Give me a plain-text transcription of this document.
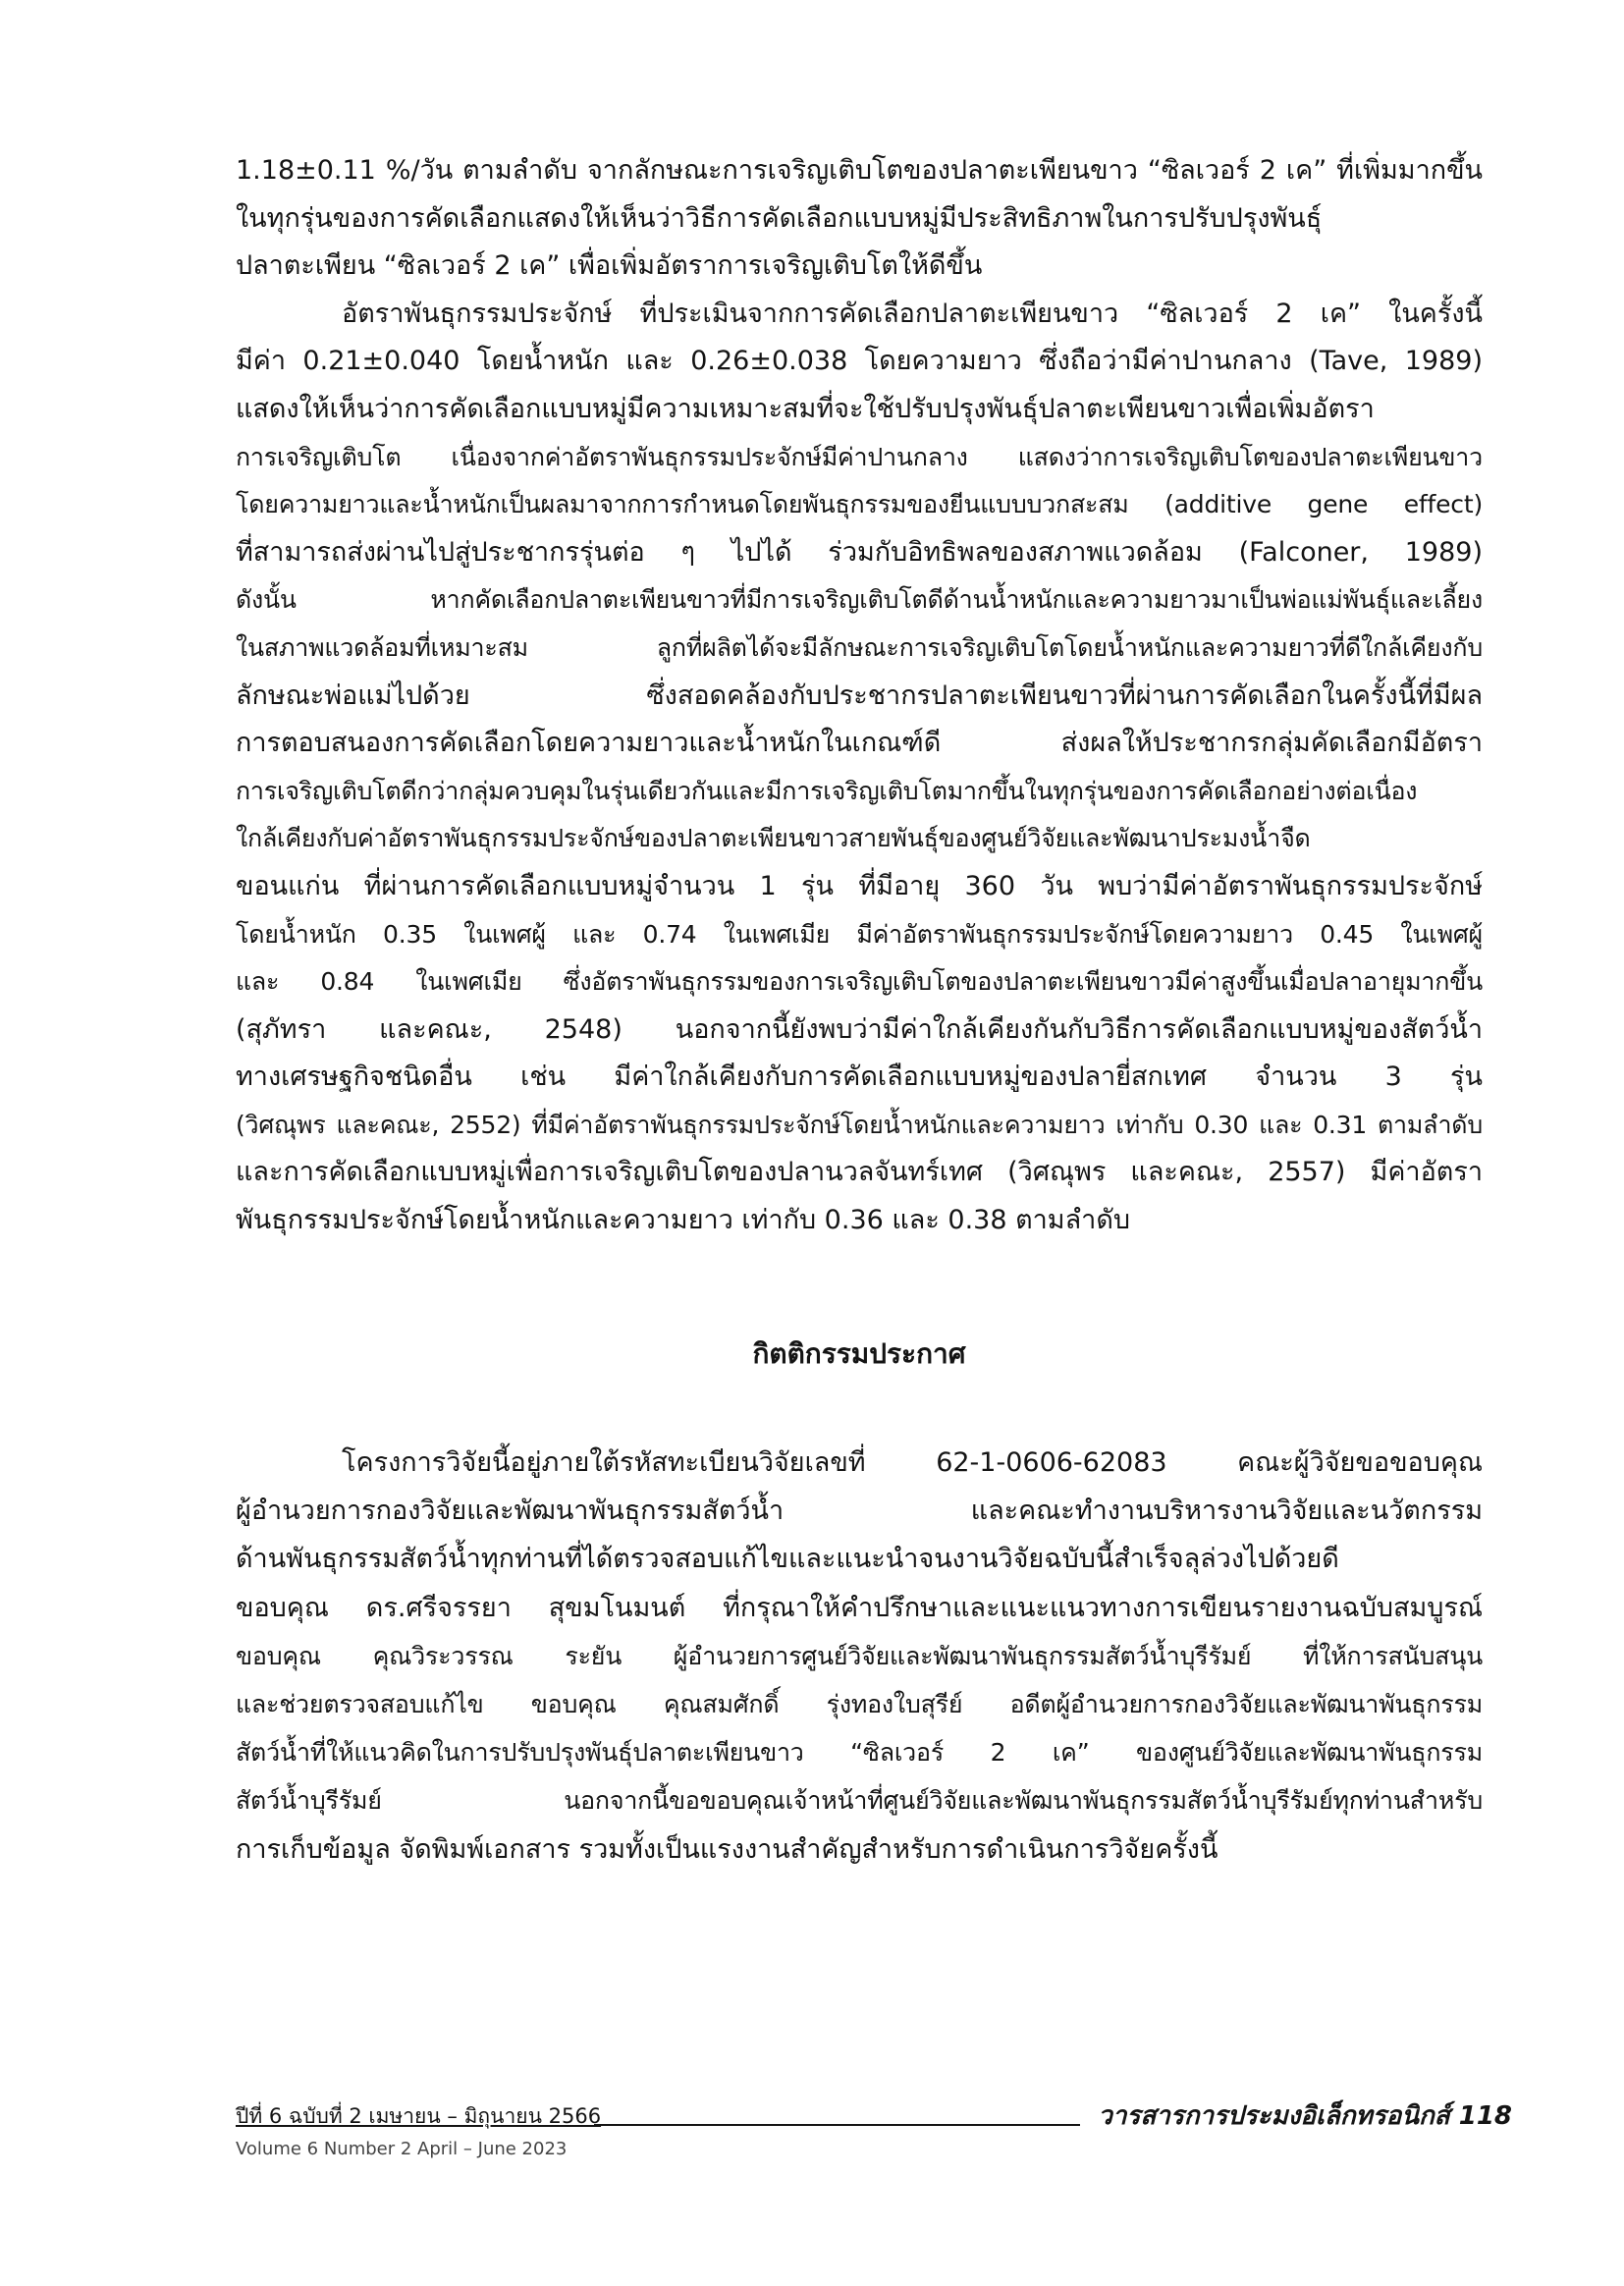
1.18±0.11 %/วัน ตามลำดับ จากลักษณะการเจริญเติบโตของปลาตะเพียนขาว “ซิลเวอร์ 2 เค” ที่เพิ่มมากขึ้น
ในทุกรุ่นของการคัดเลือกแสดงให้เห็นว่าวิธีการคัดเลือกแบบหมู่มีประสิทธิภาพในการปรับปรุงพันธุ์
ปลาตะเพียน “ซิลเวอร์ 2 เค” เพื่อเพิ่มอัตราการเจริญเติบโตให้ดีขึ้น
อัตราพันธุกรรมประจักษ์ ที่ประเมินจากการคัดเลือกปลาตะเพียนขาว “ซิลเวอร์ 2 เค” ในครั้งนี้
มีค่า 0.21±0.040 โดยน้ำหนัก และ 0.26±0.038 โดยความยาว ซึ่งถือว่ามีค่าปานกลาง (Tave, 1989)
แสดงให้เห็นว่าการคัดเลือกแบบหมู่มีความเหมาะสมที่จะใช้ปรับปรุงพันธุ์ปลาตะเพียนขาวเพื่อเพิ่มอัตรา
การเจริญเติบโต เนื่องจากค่าอัตราพันธุกรรมประจักษ์มีค่าปานกลาง แสดงว่าการเจริญเติบโตของปลาตะเพียนขาว
โดยความยาวและน้ำหนักเป็นผลมาจากการกำหนดโดยพันธุกรรมของยีนแบบบวกสะสม (additive gene effect)
ที่สามารถส่งผ่านไปสู่ประชากรรุ่นต่อ ๆ ไปได้ ร่วมกับอิทธิพลของสภาพแวดล้อม (Falconer, 1989)
ดังนั้น หากคัดเลือกปลาตะเพียนขาวที่มีการเจริญเติบโตดีด้านน้ำหนักและความยาวมาเป็นพ่อแม่พันธุ์และเลี้ยง
ในสภาพแวดล้อมที่เหมาะสม ลูกที่ผลิตได้จะมีลักษณะการเจริญเติบโตโดยน้ำหนักและความยาวที่ดีใกล้เคียงกับ
ลักษณะพ่อแม่ไปด้วย ซึ่งสอดคล้องกับประชากรปลาตะเพียนขาวที่ผ่านการคัดเลือกในครั้งนี้ที่มีผล
การตอบสนองการคัดเลือกโดยความยาวและน้ำหนักในเกณฑ์ดี ส่งผลให้ประชากรกลุ่มคัดเลือกมีอัตรา
การเจริญเติบโตดีกว่ากลุ่มควบคุมในรุ่นเดียวกันและมีการเจริญเติบโตมากขึ้นในทุกรุ่นของการคัดเลือกอย่างต่อเนื่อง
ใกล้เคียงกับค่าอัตราพันธุกรรมประจักษ์ของปลาตะเพียนขาวสายพันธุ์ของศูนย์วิจัยและพัฒนาประมงน้ำจืด
ขอนแก่น ที่ผ่านการคัดเลือกแบบหมู่จำนวน 1 รุ่น ที่มีอายุ 360 วัน พบว่ามีค่าอัตราพันธุกรรมประจักษ์
โดยน้ำหนัก 0.35 ในเพศผู้ และ 0.74 ในเพศเมีย มีค่าอัตราพันธุกรรมประจักษ์โดยความยาว 0.45 ในเพศผู้
และ 0.84 ในเพศเมีย ซึ่งอัตราพันธุกรรมของการเจริญเติบโตของปลาตะเพียนขาวมีค่าสูงขึ้นเมื่อปลาอายุมากขึ้น
(สุภัทรา และคณะ, 2548) นอกจากนี้ยังพบว่ามีค่าใกล้เคียงกันกับวิธีการคัดเลือกแบบหมู่ของสัตว์น้ำ
ทางเศรษฐกิจชนิดอื่น เช่น มีค่าใกล้เคียงกับการคัดเลือกแบบหมู่ของปลายี่สกเทศ จำนวน 3 รุ่น
(วิศณุพร และคณะ, 2552) ที่มีค่าอัตราพันธุกรรมประจักษ์โดยน้ำหนักและความยาว เท่ากับ 0.30 และ 0.31 ตามลำดับ
และการคัดเลือกแบบหมู่เพื่อการเจริญเติบโตของปลานวลจันทร์เทศ (วิศณุพร และคณะ, 2557) มีค่าอัตรา
พันธุกรรมประจักษ์โดยน้ำหนักและความยาว เท่ากับ 0.36 และ 0.38 ตามลำดับ
กิตติกรรมประกาศ
โครงการวิจัยนี้อยู่ภายใต้รหัสทะเบียนวิจัยเลขที่ 62-1-0606-62083 คณะผู้วิจัยขอขอบคุณ
ผู้อำนวยการกองวิจัยและพัฒนาพันธุกรรมสัตว์น้ำ และคณะทำงานบริหารงานวิจัยและนวัตกรรม
ด้านพันธุกรรมสัตว์น้ำทุกท่านที่ได้ตรวจสอบแก้ไขและแนะนำจนงานวิจัยฉบับนี้สำเร็จลุล่วงไปด้วยดี
ขอบคุณ ดร.ศรีจรรยา สุขมโนมนต์ ที่กรุณาให้คำปรึกษาและแนะแนวทางการเขียนรายงานฉบับสมบูรณ์
ขอบคุณ คุณวิระวรรณ ระยัน ผู้อำนวยการศูนย์วิจัยและพัฒนาพันธุกรรมสัตว์น้ำบุรีรัมย์ ที่ให้การสนับสนุน
และช่วยตรวจสอบแก้ไข ขอบคุณ คุณสมศักดิ์ รุ่งทองใบสุรีย์ อดีตผู้อำนวยการกองวิจัยและพัฒนาพันธุกรรม
สัตว์น้ำที่ให้แนวคิดในการปรับปรุงพันธุ์ปลาตะเพียนขาว “ซิลเวอร์ 2 เค” ของศูนย์วิจัยและพัฒนาพันธุกรรม
สัตว์น้ำบุรีรัมย์ นอกจากนี้ขอขอบคุณเจ้าหน้าที่ศูนย์วิจัยและพัฒนาพันธุกรรมสัตว์น้ำบุรีรัมย์ทุกท่านสำหรับ
การเก็บข้อมูล จัดพิมพ์เอกสาร รวมทั้งเป็นแรงงานสำคัญสำหรับการดำเนินการวิจัยครั้งนี้
ปีที่ 6 ฉบับที่ 2 เมษายน – มิถุนายน 2566	วารสารการประมงอิเล็กทรอนิกส์ 118
Volume 6 Number 2 April – June 2023
